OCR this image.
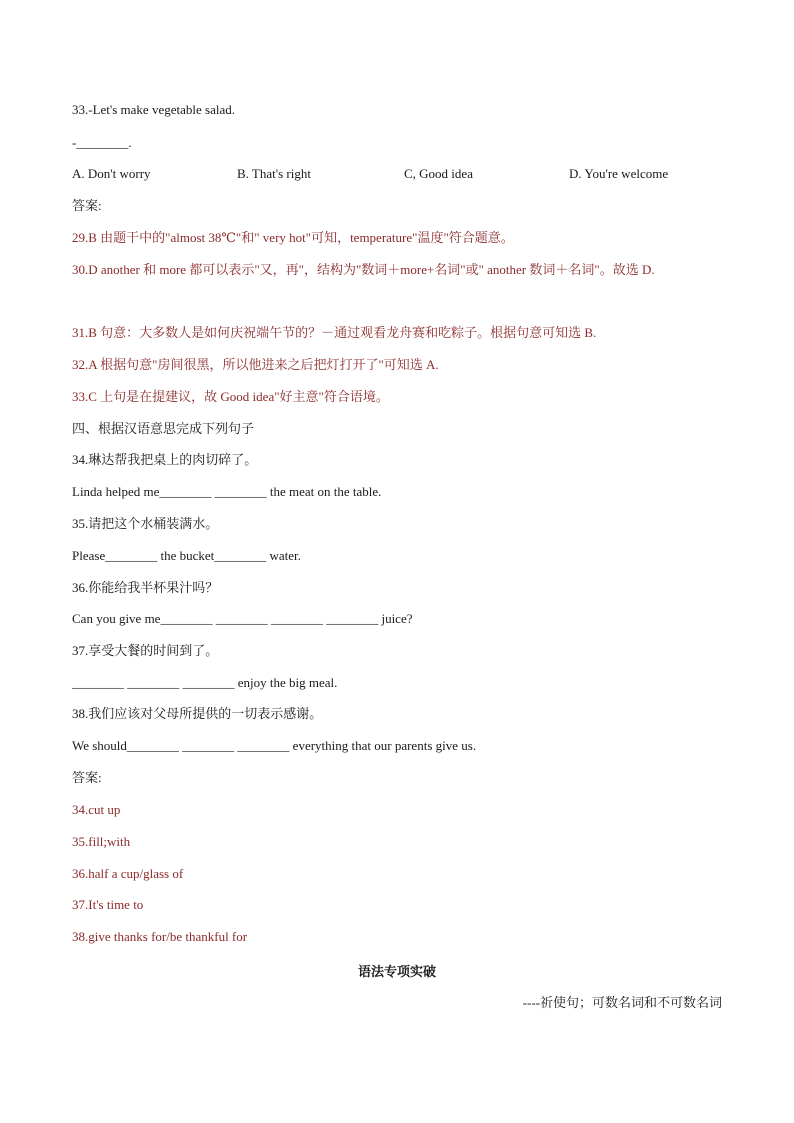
33.-Let's make vegetable salad.
-________.
A. Don't worry	B. That's right	C, Good idea	D. You're welcome
答案:
29.B 由题干中的"almost 38℃"和" very hot"可知，temperature"温度"符合题意。
30.D another 和 more 都可以表示"又，再"，结构为"数词＋more+名词"或" another 数词＋名词"。故选 D.
31.B 句意：大多数人是如何庆祝端午节的？－通过观看龙舟赛和吃粽子。根据句意可知选 B.
32.A 根据句意"房间很黑，所以他进来之后把灯打开了"可知选 A.
33.C 上句是在提建议，故 Good idea"好主意"符合语境。
四、根据汉语意思完成下列句子
34.琳达帮我把桌上的肉切碎了。
Linda helped me________ ________ the meat on the table.
35.请把这个水桶装满水。
Please________ the bucket________ water.
36.你能给我半杯果汁吗？
Can you give me________ ________ ________ ________ juice?
37.享受大餐的时间到了。
________ ________ ________ enjoy the big meal.
38.我们应该对父母所提供的一切表示感谢。
We should________ ________ ________ everything that our parents give us.
答案:
34.cut up
35.fill;with
36.half a cup/glass of
37.It's time to
38.give thanks for/be thankful for
语法专项实破
----祈使句；可数名词和不可数名词
